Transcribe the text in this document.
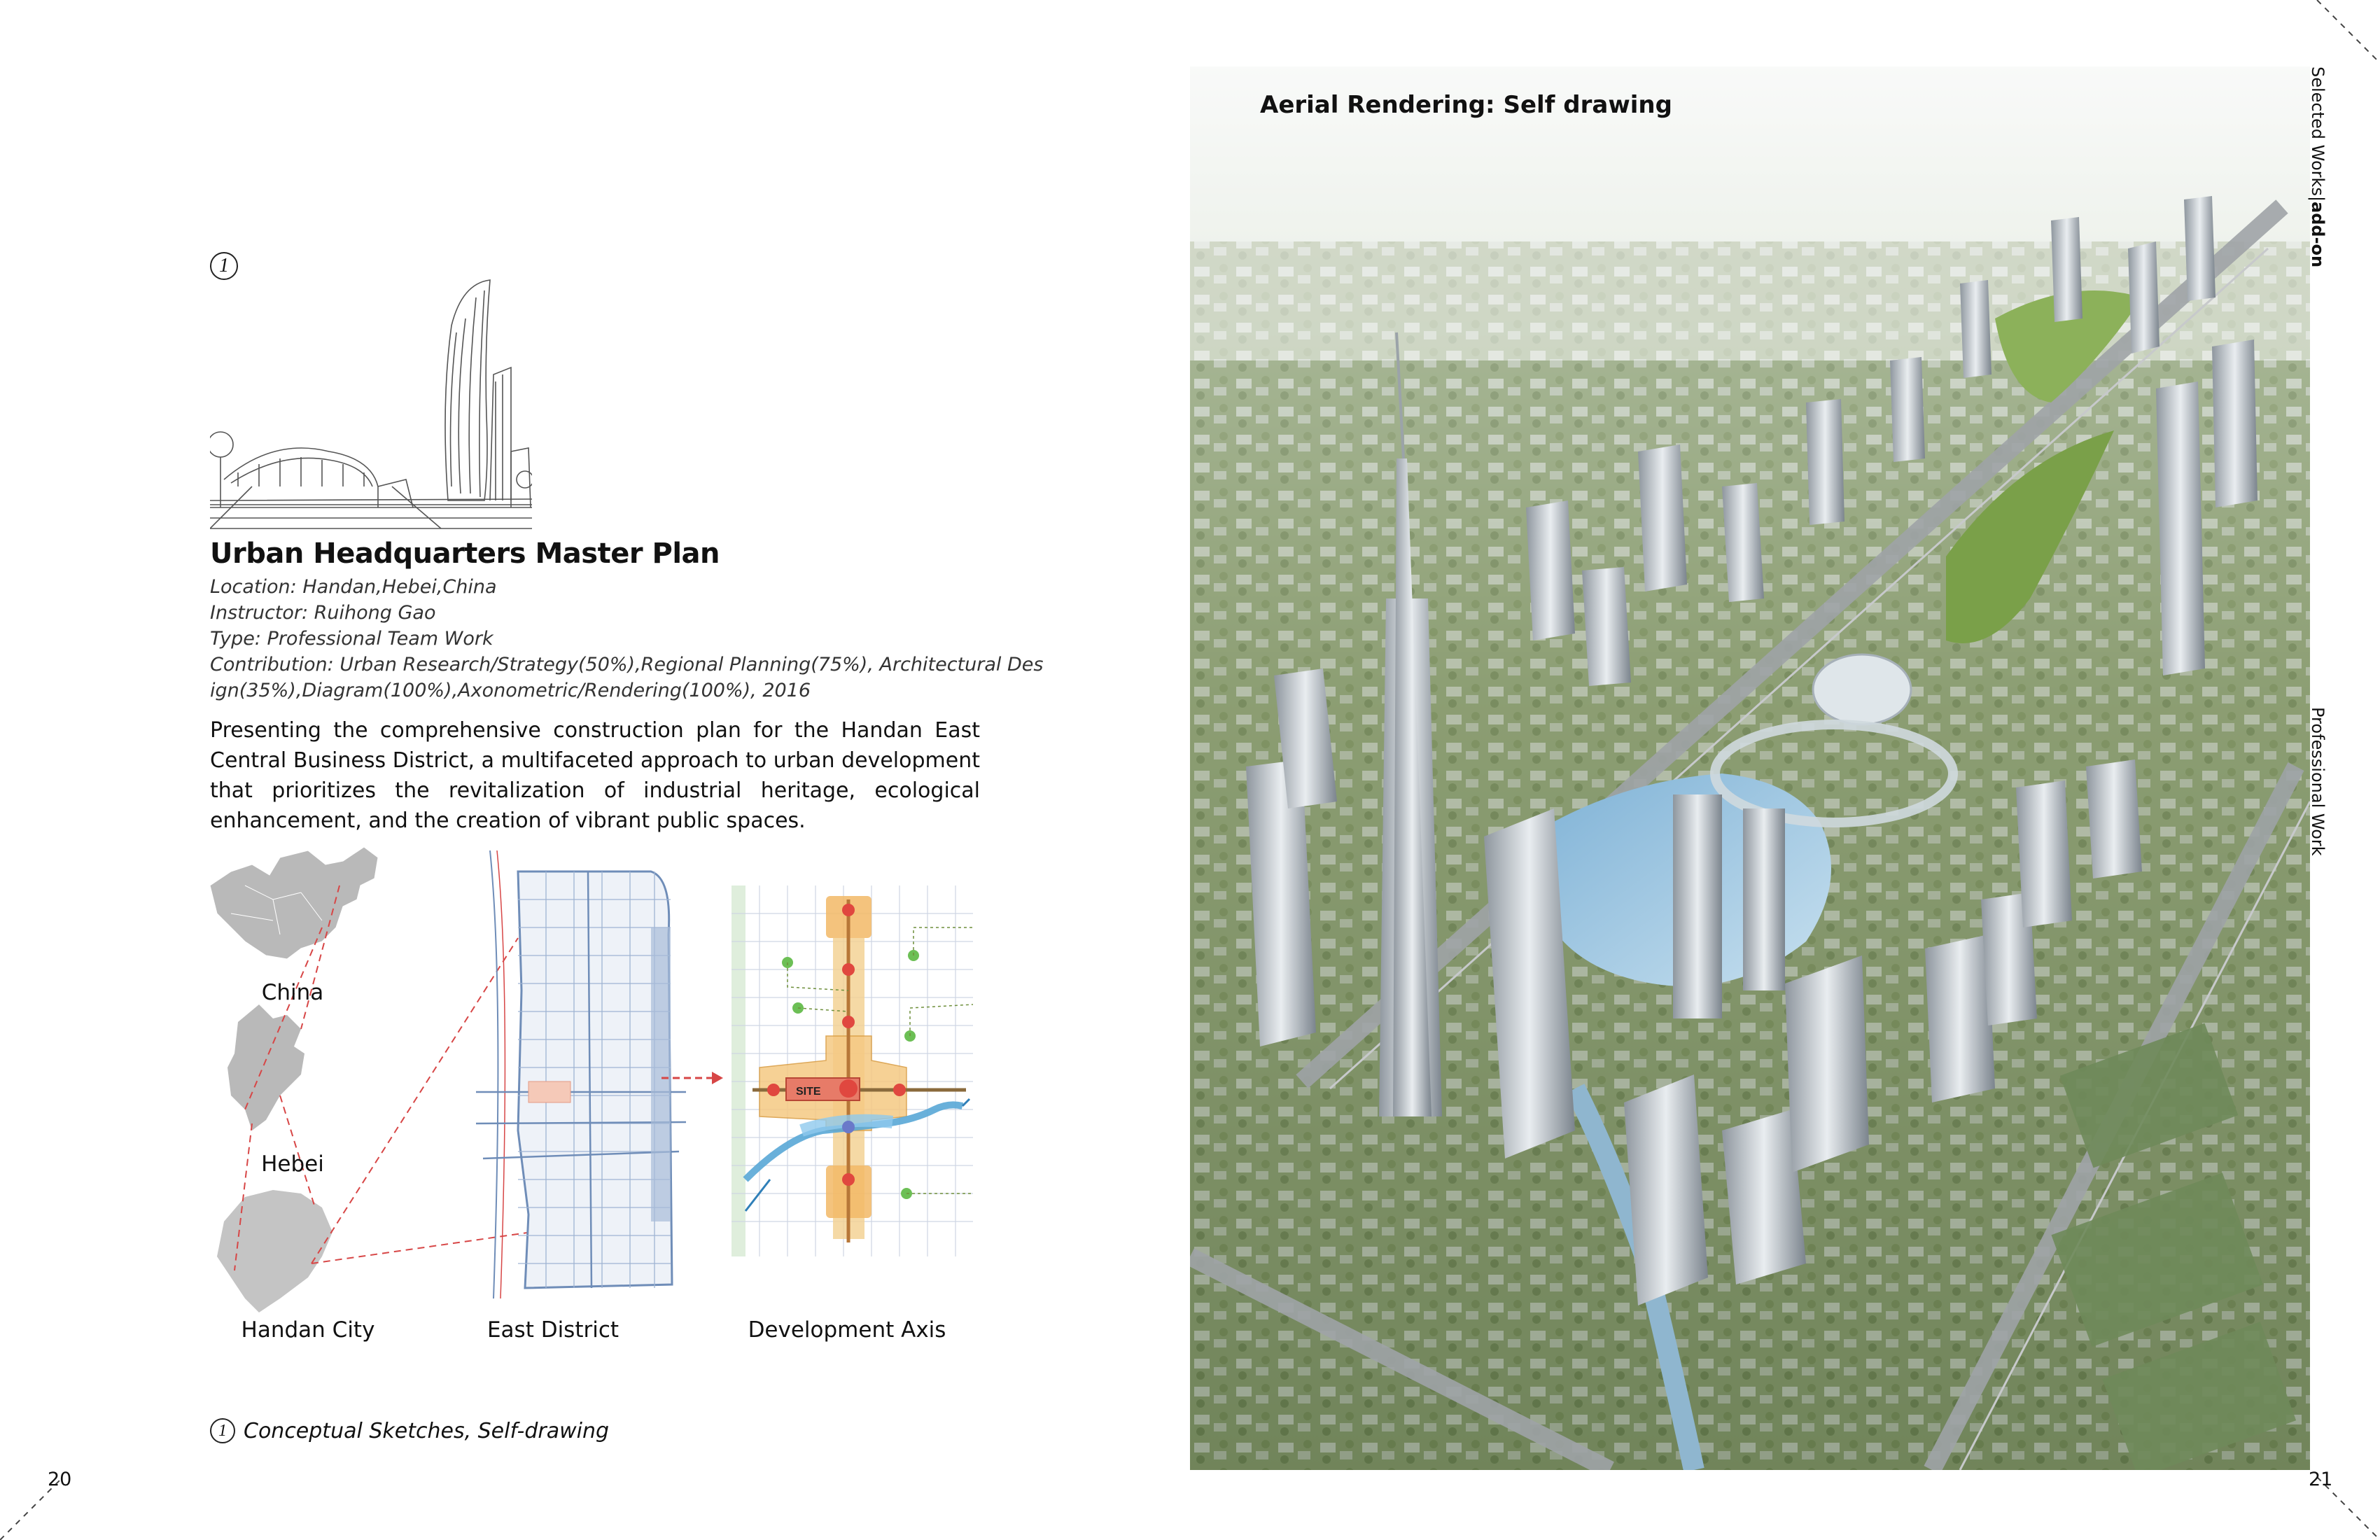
1
Urban Headquarters Master Plan
Location: Handan,Hebei,China
Instructor: Ruihong Gao
Type: Professional Team Work
Contribution: Urban Research/Strategy(50%),Regional Planning(75%), Architectural Des
ign(35%),Diagram(100%),Axonometric/Rendering(100%), 2016
Presenting the comprehensive construction plan for the Handan East Central Business District, a multifaceted approach to urban development that prioritizes the revitalization of industrial heritage, ecological enhancement, and the creation of vibrant public spaces.
China
Hebei
Handan City	East District
SITE
Development Axis
1 Conceptual Sketches, Self-drawing
20
Aerial Rendering: Self drawing	Selected Works|add-on
Professional Work
21
